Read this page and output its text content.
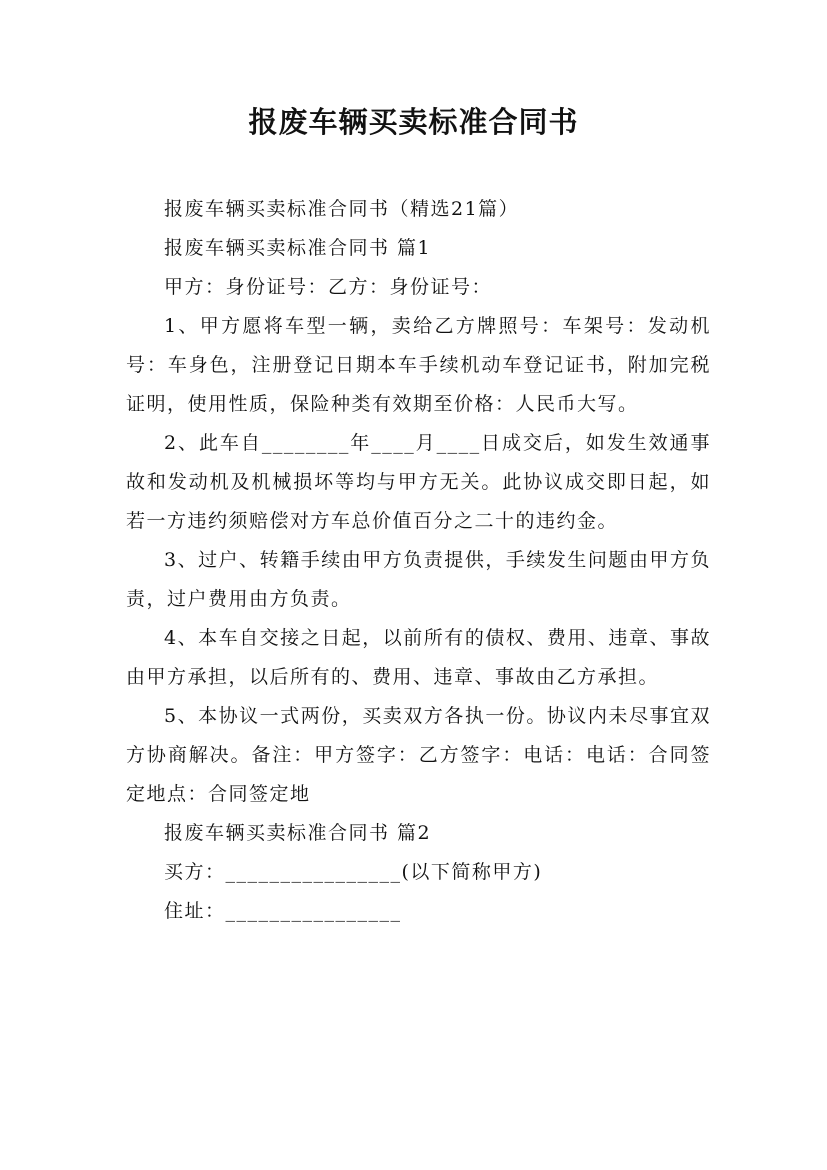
报废车辆买卖标准合同书

报废车辆买卖标准合同书（精选21篇）

报废车辆买卖标准合同书 篇1

甲方：身份证号：乙方：身份证号：

1、甲方愿将车型一辆，卖给乙方牌照号：车架号：发动机号：车身色，注册登记日期本车手续机动车登记证书，附加完税证明，使用性质，保险种类有效期至价格：人民币大写。

2、此车自________年____月____日成交后，如发生效通事故和发动机及机械损坏等均与甲方无关。此协议成交即日起，如若一方违约须赔偿对方车总价值百分之二十的违约金。

3、过户、转籍手续由甲方负责提供，手续发生问题由甲方负责，过户费用由方负责。

4、本车自交接之日起，以前所有的债权、费用、违章、事故由甲方承担，以后所有的、费用、违章、事故由乙方承担。

5、本协议一式两份，买卖双方各执一份。协议内未尽事宜双方协商解决。备注：甲方签字：乙方签字：电话：电话：合同签定地点：合同签定地

报废车辆买卖标准合同书 篇2

买方：________________(以下简称甲方)

住址：________________
